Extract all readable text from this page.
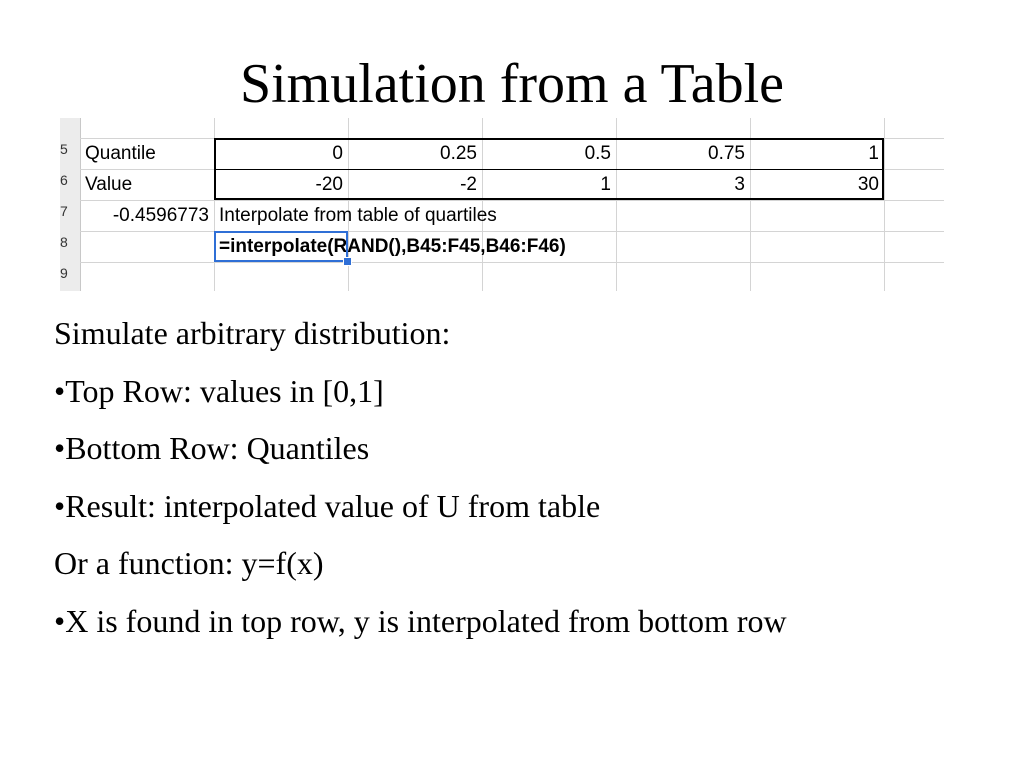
Simulation from a Table
5
6
7
8
9
Quantile	0	0.25	0.5	0.75	1
Value	-20	-2	1	3	30
-0.4596773 Interpolate from table of quartiles
=interpolate(RAND(),B45:F45,B46:F46)
Simulate arbitrary distribution:
•Top Row: values in [0,1]
•Bottom Row: Quantiles
•Result: interpolated value of U from table
Or a function: y=f(x)
•X is found in top row, y is interpolated from bottom row
